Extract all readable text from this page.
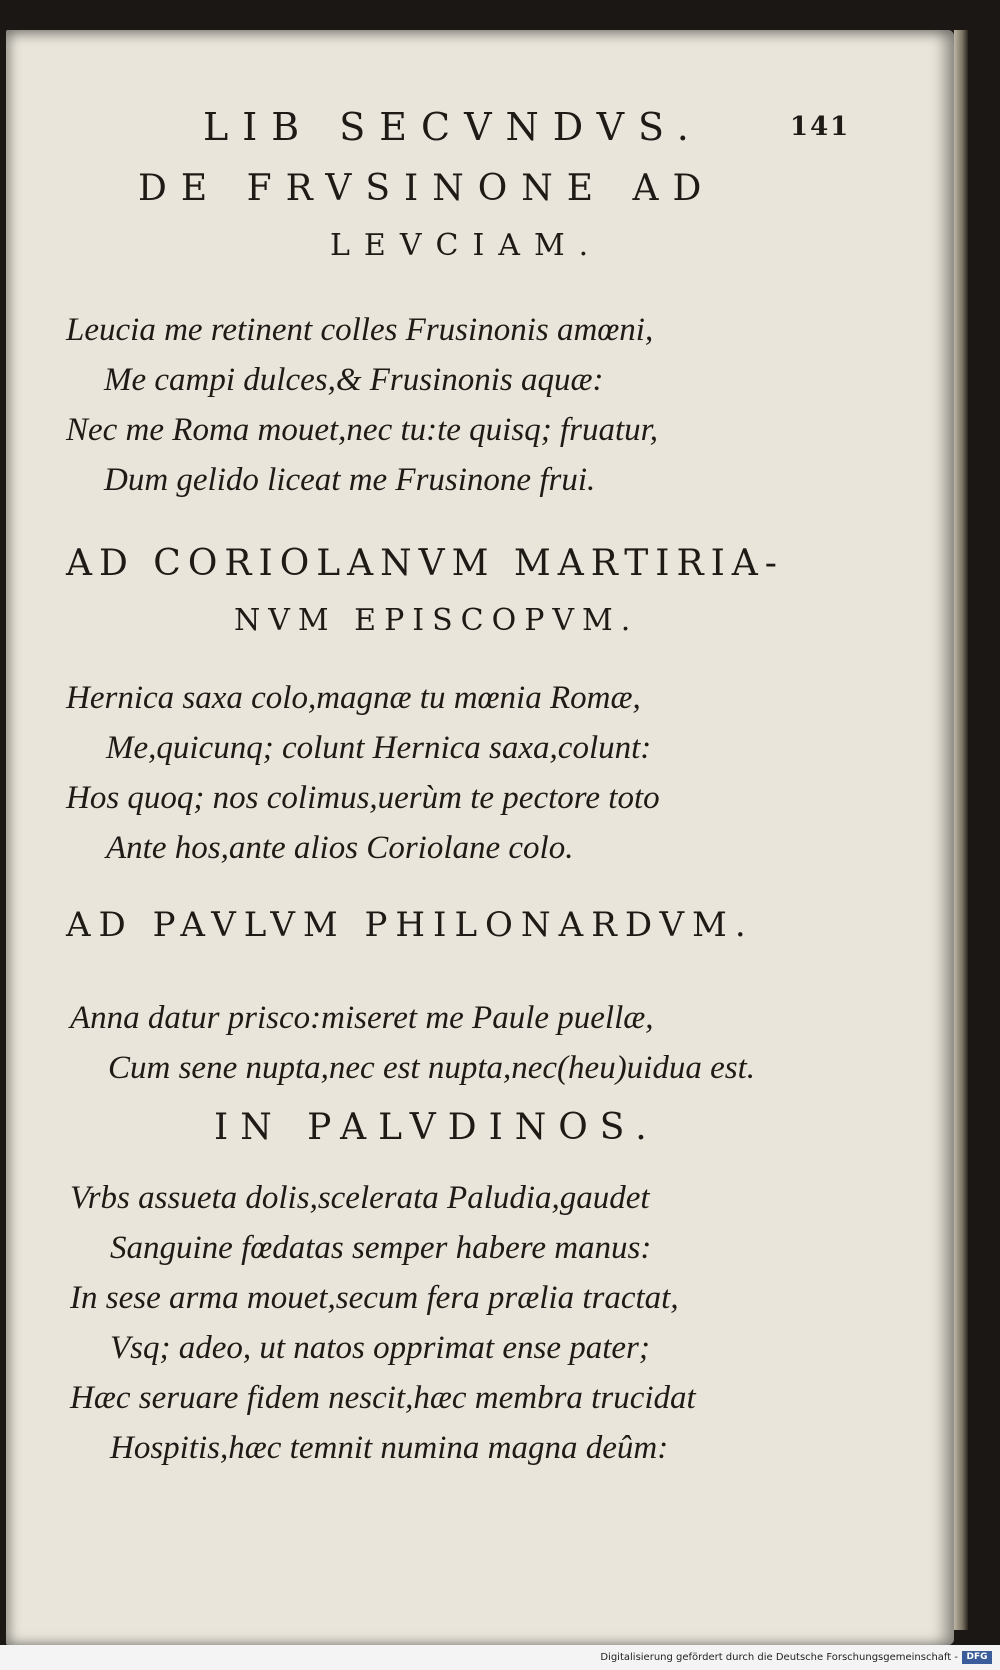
LIB SECVNDVS.	141
DE FRVSINONE AD
LEVCIAM.
Leucia me retinent colles Frusinonis amœni,
Me campi dulces,& Frusinonis aquæ:
Nec me Roma mouet,nec tu:te quisq; fruatur,
Dum gelido liceat me Frusinone frui.
AD CORIOLANVM MARTIRIA-
NVM EPISCOPVM.
Hernica saxa colo,magnæ tu mœnia Romæ,
Me,quicunq; colunt Hernica saxa,colunt:
Hos quoq; nos colimus,uerùm te pectore toto
Ante hos,ante alios Coriolane colo.
AD PAVLVM PHILONARDVM.
Anna datur prisco:miseret me Paule puellæ,
Cum sene nupta,nec est nupta,nec(heu)uidua est.
IN PALVDINOS.
Vrbs assueta dolis,scelerata Paludia,gaudet
Sanguine fœdatas semper habere manus:
In sese arma mouet,secum fera prælia tractat,
Vsq; adeo, ut natos opprimat ense pater;
Hæc seruare fidem nescit,hæc membra trucidat
Hospitis,hæc temnit numina magna deûm:
Digitalisierung gefördert durch die Deutsche Forschungsgemeinschaft - DFG
